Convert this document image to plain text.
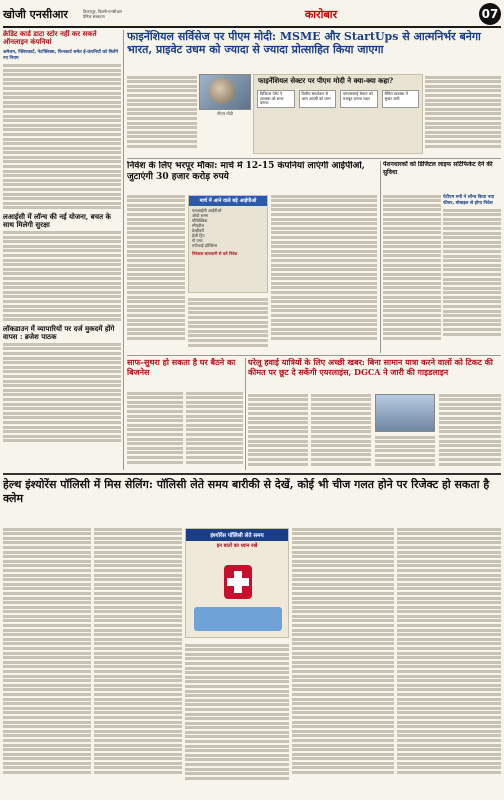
खोजी एनसीआर	विजयपुर, दिल्ली-एनसीआर
दैनिक संस्करण	कारोबार	07
क्रेडिट कार्ड डाटा स्टोर नहीं कर सकते ऑनलाइन कंपनियां
अमेजन, फ्लिपकार्ट, नेटफ्लिक्स, फिनकार्ट समेत ई-कंपनियों को मिलेंगे नए नियम
लआईसी में लॉन्च की नई योजना, बचत के साथ मिलेगी सुरक्षा
लॉकडाउन में व्यापारियों पर दर्ज मुकदमें होंगे वापस : ब्रजेश पाठक
फाइनेंशियल सर्विसेज पर पीएम मोदी: MSME और StartUps से आत्मनिर्भर बनेगा भारत, प्राइवेट उधम को ज्यादा से ज्यादा प्रोत्साहित किया जाएगा
पीएम मोदी
फाइनेंशियल सेक्टर पर पीएम मोदी ने क्या-क्या कहा?
डिजिटल पेमेंट ने व्यवस्था को सरल बनाया
वित्तीय समावेशन से आम आदमी को लाभ
एमएसएमई सेक्टर को मजबूत बनाना लक्ष्य
बैंकिंग व्यवस्था में सुधार जारी
निवेश के लिए भरपूर मौका: मार्च में 12-15 कंपनियां लाएंगी आईपीओ, जुटाएंगी 30 हजार करोड़ रुपये
मार्च में आने वाले बड़े आईपीओ
एलआईसी आईपीओ
ओयो रूम्स
मोबिक्विक
स्नैपडील
डेल्हीवरी
ईजी ट्रिप
गो एयर
एपीआई होल्डिंग्स
निवेशक सावधानी से करें निवेश
पेंशनधारकों को डिजिटल लाइफ सर्टिफिकेट देने की सुविधा
पेटीएम मनी ने लॉन्च किया नया फीचर, मोबाइल से होगा निवेश
साफ-सुथरा हो सकता है घर बैठने का बिजनेस
घरेलू हवाई यात्रियों के लिए अच्छी खबर: बिना सामान यात्रा करने वालों को टिकट की कीमत पर छूट दे सकेंगी एयरलाइंस, DGCA ने जारी की गाइडलाइन
हेल्थ इंश्योरेंस पॉलिसी में मिस सेलिंग: पॉलिसी लेते समय बारीकी से देखें, कोई भी चीज गलत होने पर रिजेक्ट हो सकता है क्लेम
इंश्योरेंस पॉलिसी लेते समय
इन बातों का ध्यान रखें
